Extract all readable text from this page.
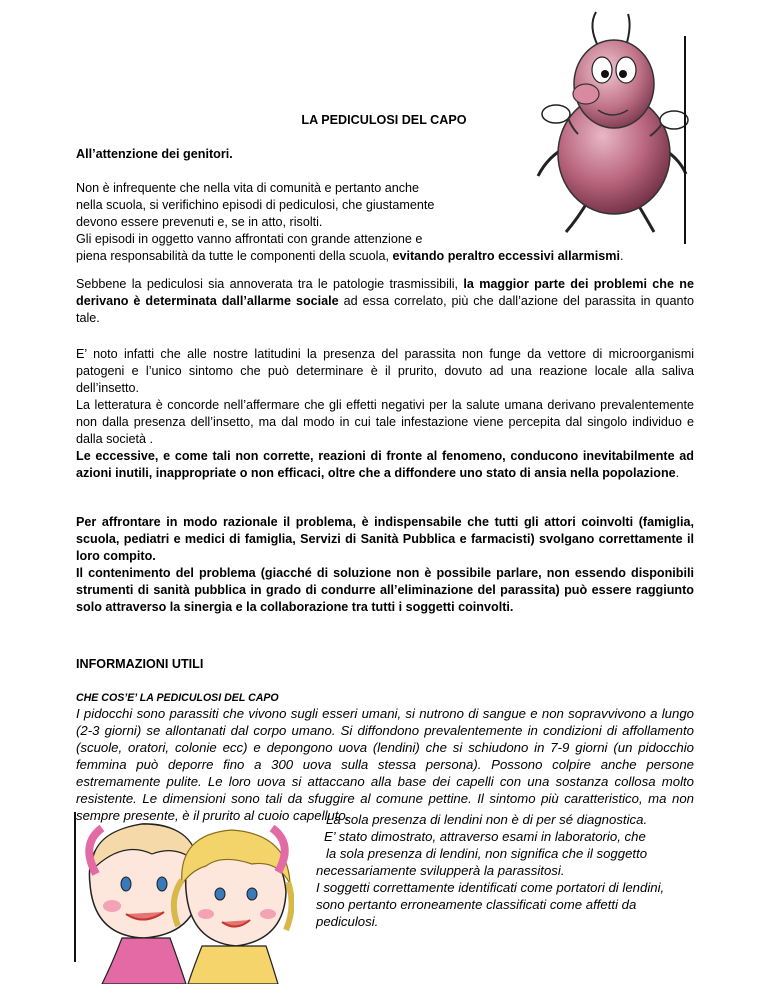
LA PEDICULOSI DEL CAPO
All’attenzione dei genitori.
Non è infrequente che nella vita di comunità e pertanto anche
nella scuola, si verifichino episodi di pediculosi, che giustamente
devono essere prevenuti e, se in atto, risolti.
Gli episodi in oggetto vanno affrontati con grande attenzione e
piena responsabilità da tutte le componenti della scuola, evitando peraltro eccessivi allarmismi.
Sebbene la pediculosi sia annoverata tra le patologie trasmissibili, la maggior parte dei problemi che ne derivano è determinata dall’allarme sociale ad essa correlato, più che dall’azione del parassita in quanto tale.
E’ noto infatti che alle nostre latitudini la presenza del parassita non funge da vettore di microorganismi patogeni e l’unico sintomo che può determinare è il prurito, dovuto ad una reazione locale alla saliva dell’insetto.
La letteratura è concorde nell’affermare che gli effetti negativi per la salute umana derivano prevalentemente non dalla presenza dell’insetto, ma dal modo in cui tale infestazione viene percepita dal singolo individuo e dalla società .
Le eccessive, e come tali non corrette, reazioni di fronte al fenomeno, conducono inevitabilmente ad azioni inutili, inappropriate o non efficaci, oltre che a diffondere uno stato di ansia nella popolazione.
Per affrontare in modo razionale il problema, è indispensabile che tutti gli attori coinvolti (famiglia, scuola, pediatri e medici di famiglia, Servizi di Sanità Pubblica e farmacisti) svolgano correttamente il loro compito.
Il contenimento del problema (giacché di soluzione non è possibile parlare, non essendo disponibili strumenti di sanità pubblica in grado di condurre all’eliminazione del parassita) può essere raggiunto solo attraverso la sinergia e la collaborazione tra tutti i soggetti coinvolti.
INFORMAZIONI UTILI
CHE COS’E’ LA PEDICULOSI DEL CAPO
I pidocchi sono parassiti che vivono sugli esseri umani, si nutrono di sangue e non sopravvivono a lungo (2-3 giorni) se allontanati dal corpo umano. Si diffondono prevalentemente in condizioni di affollamento (scuole, oratori, colonie ecc) e depongono uova (lendini) che si schiudono in 7-9 giorni (un pidocchio femmina può deporre fino a 300 uova sulla stessa persona). Possono colpire anche persone estremamente pulite. Le loro uova si attaccano alla base dei capelli con una sostanza collosa molto resistente. Le dimensioni sono tali da sfuggire al comune pettine. Il sintomo più caratteristico, ma non sempre presente, è il prurito al cuoio capelluto.
La sola presenza di lendini non è di per sé diagnostica.
E’ stato dimostrato, attraverso esami in laboratorio, che
la sola presenza di lendini, non significa che il soggetto
necessariamente svilupperà la parassitosi.
I soggetti correttamente identificati come portatori di lendini,
sono pertanto erroneamente classificati come affetti da
pediculosi.
